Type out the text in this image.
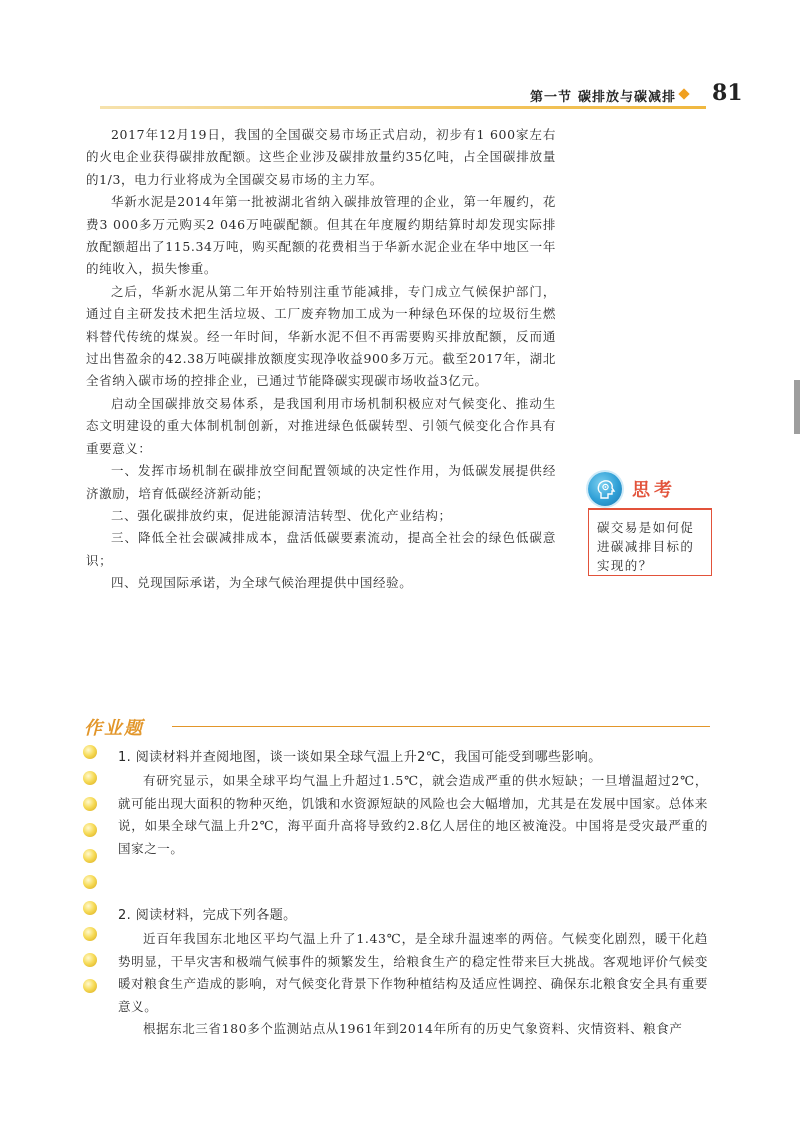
第一节 碳排放与碳减排 81

2017年12月19日，我国的全国碳交易市场正式启动，初步有1 600家左右的火电企业获得碳排放配额。这些企业涉及碳排放量约35亿吨，占全国碳排放量的1/3，电力行业将成为全国碳交易市场的主力军。

华新水泥是2014年第一批被湖北省纳入碳排放管理的企业，第一年履约，花费3 000多万元购买2 046万吨碳配额。但其在年度履约期结算时却发现实际排放配额超出了115.34万吨，购买配额的花费相当于华新水泥企业在华中地区一年的纯收入，损失惨重。

之后，华新水泥从第二年开始特别注重节能减排，专门成立气候保护部门，通过自主研发技术把生活垃圾、工厂废弃物加工成为一种绿色环保的垃圾衍生燃料替代传统的煤炭。经一年时间，华新水泥不但不再需要购买排放配额，反而通过出售盈余的42.38万吨碳排放额度实现净收益900多万元。截至2017年，湖北全省纳入碳市场的控排企业，已通过节能降碳实现碳市场收益3亿元。

启动全国碳排放交易体系，是我国利用市场机制积极应对气候变化、推动生态文明建设的重大体制机制创新，对推进绿色低碳转型、引领气候变化合作具有重要意义：

一、发挥市场机制在碳排放空间配置领域的决定性作用，为低碳发展提供经济激励，培育低碳经济新动能；

二、强化碳排放约束，促进能源清洁转型、优化产业结构；

三、降低全社会碳减排成本，盘活低碳要素流动，提高全社会的绿色低碳意识；

四、兑现国际承诺，为全球气候治理提供中国经验。

思考
碳交易是如何促进碳减排目标的实现的？
作业题
1. 阅读材料并查阅地图，谈一谈如果全球气温上升2℃，我国可能受到哪些影响。

有研究显示，如果全球平均气温上升超过1.5℃，就会造成严重的供水短缺；一旦增温超过2℃，就可能出现大面积的物种灭绝，饥饿和水资源短缺的风险也会大幅增加，尤其是在发展中国家。总体来说，如果全球气温上升2℃，海平面升高将导致约2.8亿人居住的地区被淹没。中国将是受灾最严重的国家之一。

2. 阅读材料，完成下列各题。

近百年我国东北地区平均气温上升了1.43℃，是全球升温速率的两倍。气候变化剧烈，暖干化趋势明显，干旱灾害和极端气候事件的频繁发生，给粮食生产的稳定性带来巨大挑战。客观地评价气候变暖对粮食生产造成的影响，对气候变化背景下作物种植结构及适应性调控、确保东北粮食安全具有重要意义。

根据东北三省180多个监测站点从1961年到2014年所有的历史气象资料、灾情资料、粮食产
